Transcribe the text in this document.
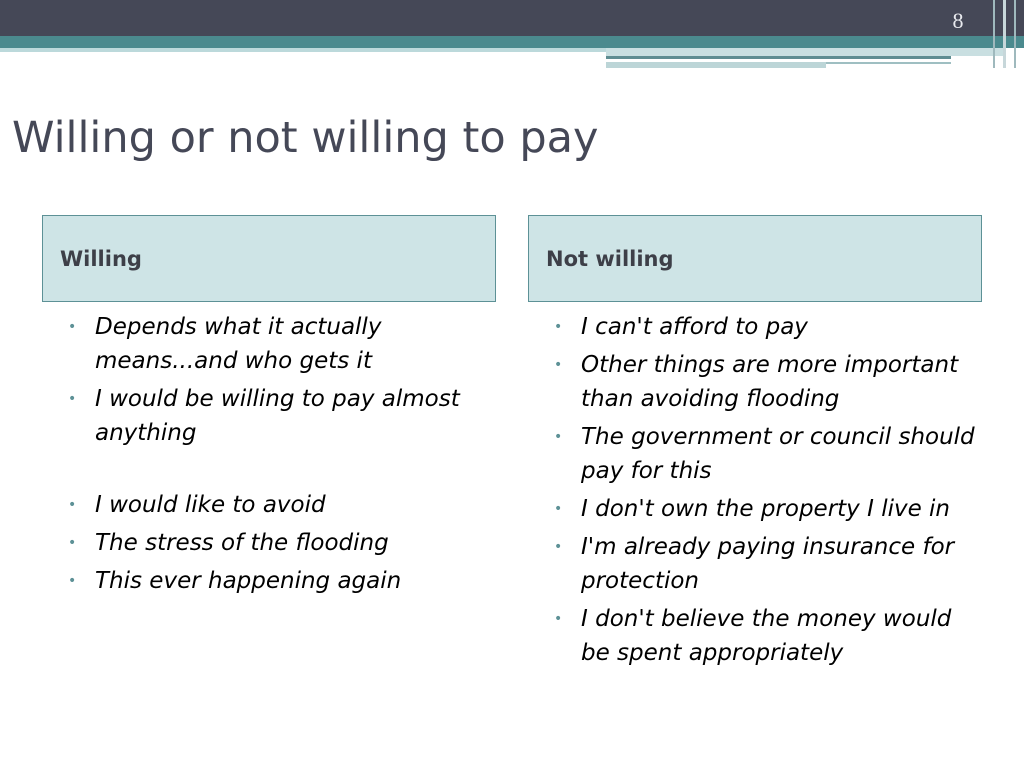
8
Willing or not willing to pay
Willing
• Depends what it actually means...and who gets it
• I would be willing to pay almost anything
• I would like to avoid
• The stress of the flooding
• This ever happening again
Not willing
• I can't afford to pay
• Other things are more important than avoiding flooding
• The government or council should pay for this
• I don't own the property I live in
• I'm already paying insurance for protection
• I don't believe the money would be spent appropriately
